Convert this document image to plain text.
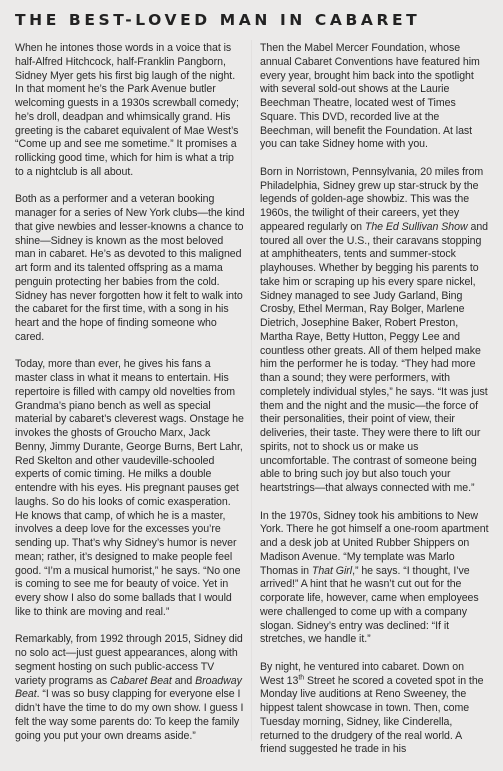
THE BEST-LOVED MAN IN CABARET

When he intones those words in a voice that is half-Alfred Hitchcock, half-Franklin Pangborn, Sidney Myer gets his first big laugh of the night. In that moment he’s the Park Avenue butler welcoming guests in a 1930s screwball comedy; he’s droll, deadpan and whimsically grand. His greeting is the cabaret equivalent of Mae West’s “Come up and see me sometime.” It promises a rollicking good time, which for him is what a trip to a nightclub is all about.

Both as a performer and a veteran booking manager for a series of New York clubs—the kind that give newbies and lesser-knowns a chance to shine—Sidney is known as the most beloved man in cabaret. He’s as devoted to this maligned art form and its talented offspring as a mama penguin protecting her babies from the cold. Sidney has never forgotten how it felt to walk into the cabaret for the first time, with a song in his heart and the hope of finding someone who cared.

Today, more than ever, he gives his fans a master class in what it means to entertain. His repertoire is filled with campy old novelties from Grandma’s piano bench as well as special material by cabaret’s cleverest wags. Onstage he invokes the ghosts of Groucho Marx, Jack Benny, Jimmy Durante, George Burns, Bert Lahr, Red Skelton and other vaudeville-schooled experts of comic timing. He milks a double entendre with his eyes. His pregnant pauses get laughs. So do his looks of comic exasperation. He knows that camp, of which he is a master, involves a deep love for the excesses you’re sending up. That’s why Sidney’s humor is never mean; rather, it’s designed to make people feel good. “I’m a musical humorist,” he says. “No one is coming to see me for beauty of voice. Yet in every show I also do some ballads that I would like to think are moving and real.”

Remarkably, from 1992 through 2015, Sidney did no solo act—just guest appearances, along with segment hosting on such public-access TV variety programs as Cabaret Beat and Broadway Beat. “I was so busy clapping for everyone else I didn’t have the time to do my own show. I guess I felt the way some parents do: To keep the family going you put your own dreams aside.”

Then the Mabel Mercer Foundation, whose annual Cabaret Conventions have featured him every year, brought him back into the spotlight with several sold-out shows at the Laurie Beechman Theatre, located west of Times Square. This DVD, recorded live at the Beechman, will benefit the Foundation. At last you can take Sidney home with you.

Born in Norristown, Pennsylvania, 20 miles from Philadelphia, Sidney grew up star-struck by the legends of golden-age showbiz. This was the 1960s, the twilight of their careers, yet they appeared regularly on The Ed Sullivan Show and toured all over the U.S., their caravans stopping at amphitheaters, tents and summer-stock playhouses. Whether by begging his parents to take him or scraping up his every spare nickel, Sidney managed to see Judy Garland, Bing Crosby, Ethel Merman, Ray Bolger, Marlene Dietrich, Josephine Baker, Robert Preston, Martha Raye, Betty Hutton, Peggy Lee and countless other greats. All of them helped make him the performer he is today. “They had more than a sound; they were performers, with completely individual styles,” he says. “It was just them and the night and the music—the force of their personalities, their point of view, their deliveries, their taste. They were there to lift our spirits, not to shock us or make us uncomfortable. The contrast of someone being able to bring such joy but also touch your heartstrings—that always connected with me.”

In the 1970s, Sidney took his ambitions to New York. There he got himself a one-room apartment and a desk job at United Rubber Shippers on Madison Avenue. “My template was Marlo Thomas in That Girl,” he says. “I thought, I’ve arrived!” A hint that he wasn’t cut out for the corporate life, however, came when employees were challenged to come up with a company slogan. Sidney’s entry was declined: “If it stretches, we handle it.”

By night, he ventured into cabaret. Down on West 13th Street he scored a coveted spot in the Monday live auditions at Reno Sweeney, the hippest talent showcase in town. Then, come Tuesday morning, Sidney, like Cinderella, returned to the drudgery of the real world. A friend suggested he trade in his
